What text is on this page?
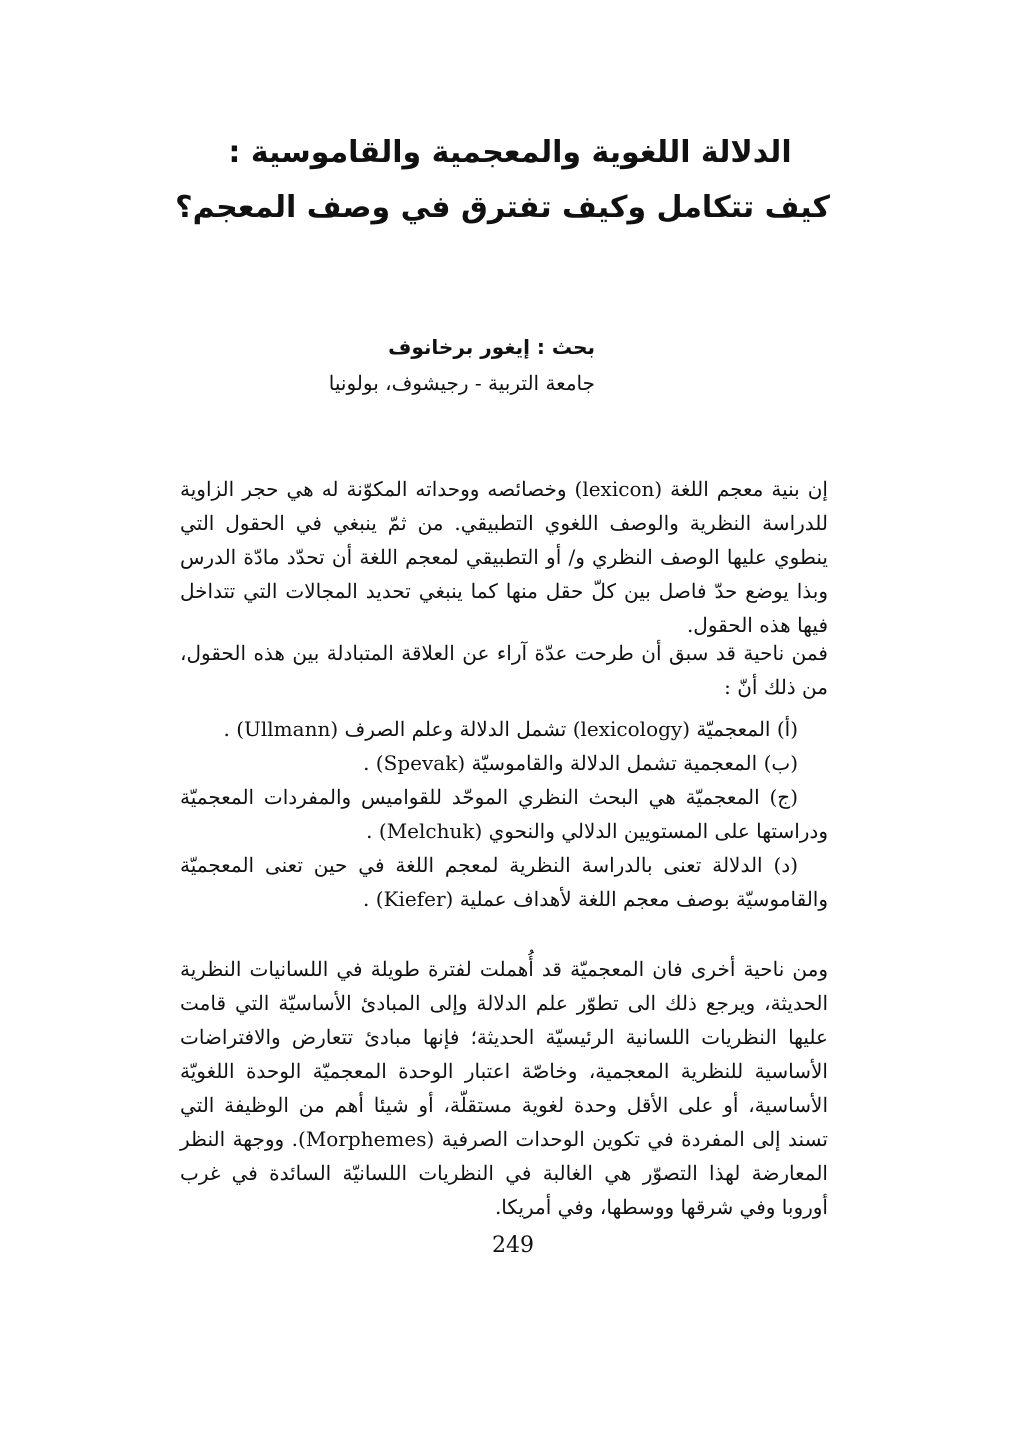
الدلالة اللغوية والمعجمية والقاموسية :
كيف تتكامل وكيف تفترق في وصف المعجم؟
بحث : إيغور برخانوف
جامعة التربية - رجيشوف، بولونيا

إن بنية معجم اللغة (lexicon) وخصائصه ووحداته المكوّنة له هي حجر الزاوية للدراسة النظرية والوصف اللغوي التطبيقي. من ثمّ ينبغي في الحقول التي ينطوي عليها الوصف النظري و/ أو التطبيقي لمعجم اللغة أن تحدّد مادّة الدرس وبذا يوضع حدّ فاصل بين كلّ حقل منها كما ينبغي تحديد المجالات التي تتداخل فيها هذه الحقول.

فمن ناحية قد سبق أن طرحت عدّة آراء عن العلاقة المتبادلة بين هذه الحقول، من ذلك أنّ :

(أ) المعجميّة (lexicology) تشمل الدلالة وعلم الصرف (Ullmann) .
(ب) المعجمية تشمل الدلالة والقاموسيّة (Spevak) .
(ج) المعجميّة هي البحث النظري الموحّد للقواميس والمفردات المعجميّة ودراستها على المستويين الدلالي والنحوي (Melchuk) .
(د) الدلالة تعنى بالدراسة النظرية لمعجم اللغة في حين تعنى المعجميّة والقاموسيّة بوصف معجم اللغة لأهداف عملية (Kiefer) .

ومن ناحية أخرى فان المعجميّة قد أُهملت لفترة طويلة في اللسانيات النظرية الحديثة، ويرجع ذلك الى تطوّر علم الدلالة وإلى المبادئ الأساسيّة التي قامت عليها النظريات اللسانية الرئيسيّة الحديثة؛ فإنها مبادئ تتعارض والافتراضات الأساسية للنظرية المعجمية، وخاصّة اعتبار الوحدة المعجميّة الوحدة اللغويّة الأساسية، أو على الأقل وحدة لغوية مستقلّة، أو شيئا أهم من الوظيفة التي تسند إلى المفردة في تكوين الوحدات الصرفية (Morphemes). ووجهة النظر المعارضة لهذا التصوّر هي الغالبة في النظريات اللسانيّة السائدة في غرب أوروبا وفي شرقها ووسطها، وفي أمريكا.

249
